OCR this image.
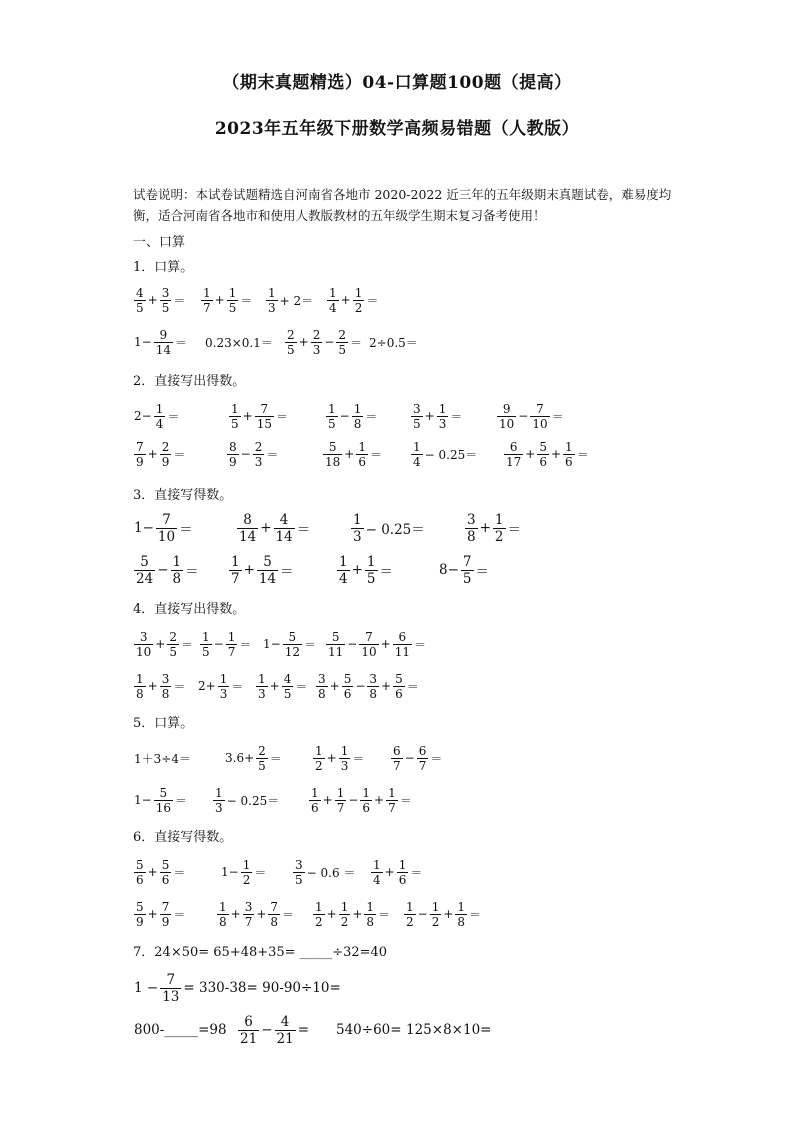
（期末真题精选）04-口算题100题（提高）
2023年五年级下册数学高频易错题（人教版）
试卷说明：本试卷试题精选自河南省各地市 2020-2022 近三年的五年级期末真题试卷，难易度均衡，适合河南省各地市和使用人教版教材的五年级学生期末复习备考使用！
一、口算
1．口算。
$\frac{4}{5} + \frac{3}{5} = \frac{1}{7} + \frac{1}{5} = \frac{1}{3} + 2= \frac{1}{4} + \frac{1}{2}$ ＝
$1- \frac{9}{14} = 0.23\times 0.1= \frac{2}{5} + \frac{2}{3} - \frac{2}{5} = 2\div 0.5=$
2．直接写出得数。
$2- \frac{1}{4}$ ＝	$\frac{1}{5} + \frac{7}{15}$ ＝	$\frac{1}{5} - \frac{1}{8}$ ＝	$\frac{3}{5} + \frac{1}{3}$ ＝	$\frac{9}{10} - \frac{7}{10}$ ＝
$\frac{7}{9} + \frac{2}{9}$ ＝	$\frac{8}{9} - \frac{2}{3}$ ＝	$\frac{5}{18} + \frac{1}{6} = \frac{1}{4} - 0.25= \frac{6}{17} + \frac{5}{6} + \frac{1}{6}$ ＝
3．直接写得数。
$1- \frac{7}{10}$ ＝	$\frac{8}{14} + \frac{4}{14}$ ＝	$\frac{1}{3} - 0.25=$	$\frac{3}{8} + \frac{1}{2}$ ＝
$\frac{5}{24} - \frac{1}{8} = \frac{1}{7} + \frac{5}{14}$ ＝	$\frac{1}{4} + \frac{1}{5}$ ＝	$8- \frac{7}{5}$ ＝
4．直接写出得数。
$\frac{3}{10} + \frac{2}{5} = \frac{1}{5} - \frac{1}{7} = 1- \frac{5}{12} = \frac{5}{11} - \frac{7}{10} + \frac{6}{11}$ ＝
$\frac{1}{8} + \frac{3}{8} = 2+ \frac{1}{3} = \frac{1}{3} + \frac{4}{5} = \frac{3}{8} + \frac{5}{6} - \frac{3}{8} + \frac{5}{6}$ ＝
5．口算。
1＋3÷4＝	$3.6+ \frac{2}{5}$ ＝	$\frac{1}{2} + \frac{1}{3} = \frac{6}{7} - \frac{6}{7}$ ＝
$1- \frac{5}{16} = \frac{1}{3} - 0.25= \frac{1}{6} + \frac{1}{7} - \frac{1}{6} + \frac{1}{7}$ ＝
6．直接写得数。
$\frac{5}{6} + \frac{5}{6}$ ＝	$1- \frac{1}{2} = \frac{3}{5} - 0.6 = \frac{1}{4} + \frac{1}{6}$ ＝
$\frac{5}{9} + \frac{7}{9}$ ＝	$\frac{1}{8} + \frac{3}{7} + \frac{7}{8} = \frac{1}{2} + \frac{1}{2} + \frac{1}{8} = \frac{1}{2} - \frac{1}{2} + \frac{1}{8}$ ＝
7．24×50= 65+48+35= _____÷32=40
$1 - \frac{7}{13} = 330-38= 90-90\div 10=$
800-_____=98 $\frac{6}{21} - \frac{4}{21} = 540\div 60= 125\times 8\times 10=$
